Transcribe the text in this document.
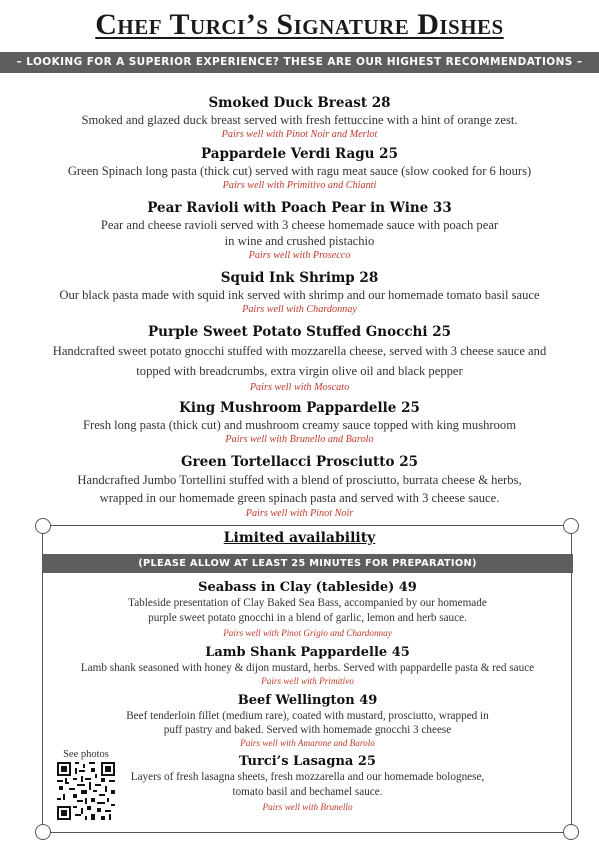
Chef Turci’s Signature Dishes
– LOOKING FOR A SUPERIOR EXPERIENCE? THESE ARE OUR HIGHEST RECOMMENDATIONS –
Smoked Duck Breast 28
Smoked and glazed duck breast served with fresh fettuccine with a hint of orange zest.
Pairs well with Pinot Noir and Merlot
Pappardele Verdi Ragu 25
Green Spinach long pasta (thick cut) served with ragu meat sauce (slow cooked for 6 hours)
Pairs well with Primitivo and Chianti
Pear Ravioli with Poach Pear in Wine 33
Pear and cheese ravioli served with 3 cheese homemade sauce with poach pear
in wine and crushed pistachio
Pairs well with Prosecco
Squid Ink Shrimp 28
Our black pasta made with squid ink served with shrimp and our homemade tomato basil sauce
Pairs well with Chardonnay
Purple Sweet Potato Stuffed Gnocchi 25
Handcrafted sweet potato gnocchi stuffed with mozzarella cheese, served with 3 cheese sauce and
topped with breadcrumbs, extra virgin olive oil and black pepper
Pairs well with Moscato
King Mushroom Pappardelle 25
Fresh long pasta (thick cut) and mushroom creamy sauce topped with king mushroom
Pairs well with Brunello and Barolo
Green Tortellacci Prosciutto 25
Handcrafted Jumbo Tortellini stuffed with a blend of prosciutto, burrata cheese & herbs,
wrapped in our homemade green spinach pasta and served with 3 cheese sauce.
Pairs well with Pinot Noir
Limited availability
(PLEASE ALLOW AT LEAST 25 MINUTES FOR PREPARATION)
Seabass in Clay (tableside) 49
Tableside presentation of Clay Baked Sea Bass, accompanied by our homemade
purple sweet potato gnocchi in a blend of garlic, lemon and herb sauce.
Pairs well with Pinot Grigio and Chardonnay
Lamb Shank Pappardelle 45
Lamb shank seasoned with honey & dijon mustard, herbs. Served with pappardelle pasta & red sauce
Pairs well with Primitivo
Beef Wellington 49
Beef tenderloin fillet (medium rare), coated with mustard, prosciutto, wrapped in
puff pastry and baked. Served with homemade gnocchi 3 cheese
Pairs well with Amarone and Barolo
Turci’s Lasagna 25
Layers of fresh lasagna sheets, fresh mozzarella and our homemade bolognese,
tomato basil and bechamel sauce.
Pairs well with Brunello
See photos
